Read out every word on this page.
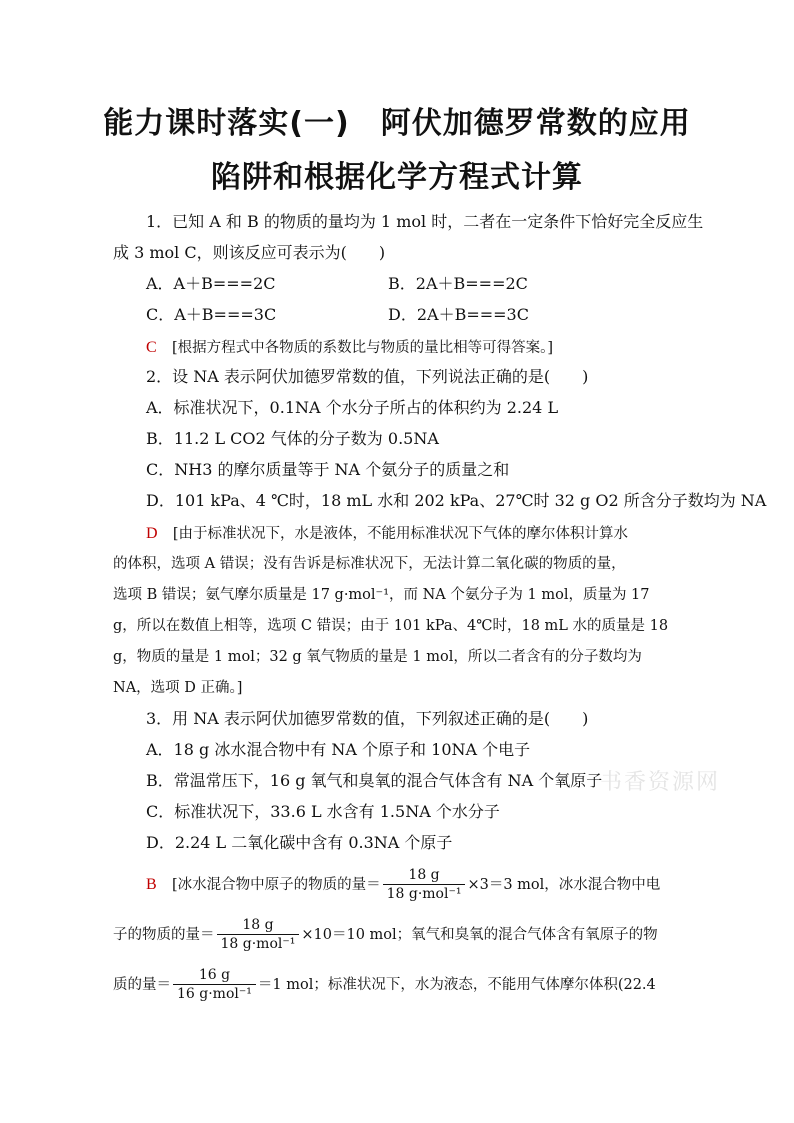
能力课时落实(一)　阿伏加德罗常数的应用
陷阱和根据化学方程式计算
1．已知 A 和 B 的物质的量均为 1 mol 时，二者在一定条件下恰好完全反应生
成 3 mol C，则该反应可表示为(　　)
A．A＋B===2C	B．2A＋B===2C
C．A＋B===3C	D．2A＋B===3C
C [根据方程式中各物质的系数比与物质的量比相等可得答案。]
2．设 NA 表示阿伏加德罗常数的值，下列说法正确的是(　　)
A．标准状况下，0.1NA 个水分子所占的体积约为 2.24 L
B．11.2 L CO2 气体的分子数为 0.5NA
C．NH3 的摩尔质量等于 NA 个氨分子的质量之和
D．101 kPa、4 ℃时，18 mL 水和 202 kPa、27℃时 32 g O2 所含分子数均为 NA
D [由于标准状况下，水是液体，不能用标准状况下气体的摩尔体积计算水
的体积，选项 A 错误；没有告诉是标准状况下，无法计算二氧化碳的物质的量，
选项 B 错误；氨气摩尔质量是 17 g·mol⁻¹，而 NA 个氨分子为 1 mol，质量为 17
g，所以在数值上相等，选项 C 错误；由于 101 kPa、4℃时，18 mL 水的质量是 18
g，物质的量是 1 mol；32 g 氧气物质的量是 1 mol，所以二者含有的分子数均为
NA，选项 D 正确。]
3．用 NA 表示阿伏加德罗常数的值，下列叙述正确的是(　　)
A．18 g 冰水混合物中有 NA 个原子和 10NA 个电子
B．常温常压下，16 g 氧气和臭氧的混合气体含有 NA 个氧原子
C．标准状况下，33.6 L 水含有 1.5NA 个水分子
D．2.24 L 二氧化碳中含有 0.3NA 个原子
B [冰水混合物中原子的物质的量＝ $\frac{18 g}{\text{18 g·mol⁻¹}} \times 3=3$ mol，冰水混合物中电
子的物质的量＝ $\frac{18 g}{\text{18 g·mol⁻¹}} \times 10=10$ mol；氧气和臭氧的混合气体含有氧原子的物
质的量＝ $\frac{16 g}{\text{16 g·mol⁻¹}} =1$ mol；标准状况下，水为液态，不能用气体摩尔体积(22.4
书香资源网
